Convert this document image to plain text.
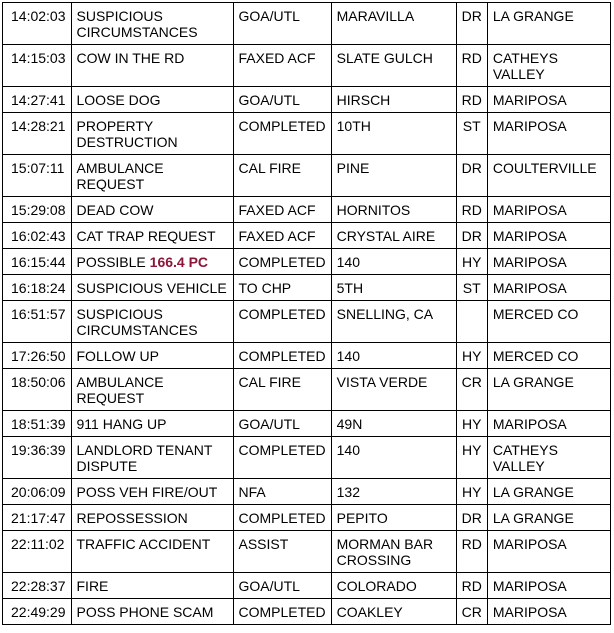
14:02:03	SUSPICIOUS CIRCUMSTANCES	GOA/UTL	MARAVILLA	DR	LA GRANGE
14:15:03	COW IN THE RD	FAXED ACF	SLATE GULCH	RD	CATHEYS VALLEY
14:27:41	LOOSE DOG	GOA/UTL	HIRSCH	RD	MARIPOSA
14:28:21	PROPERTY DESTRUCTION	COMPLETED	10TH	ST	MARIPOSA
15:07:11	AMBULANCE REQUEST	CAL FIRE	PINE	DR	COULTERVILLE
15:29:08	DEAD COW	FAXED ACF	HORNITOS	RD	MARIPOSA
16:02:43	CAT TRAP REQUEST	FAXED ACF	CRYSTAL AIRE	DR	MARIPOSA
16:15:44	POSSIBLE 166.4 PC	COMPLETED	140	HY	MARIPOSA
16:18:24	SUSPICIOUS VEHICLE	TO CHP	5TH	ST	MARIPOSA
16:51:57	SUSPICIOUS CIRCUMSTANCES	COMPLETED	SNELLING, CA		MERCED CO
17:26:50	FOLLOW UP	COMPLETED	140	HY	MERCED CO
18:50:06	AMBULANCE REQUEST	CAL FIRE	VISTA VERDE	CR	LA GRANGE
18:51:39	911 HANG UP	GOA/UTL	49N	HY	MARIPOSA
19:36:39	LANDLORD TENANT DISPUTE	COMPLETED	140	HY	CATHEYS VALLEY
20:06:09	POSS VEH FIRE/OUT	NFA	132	HY	LA GRANGE
21:17:47	REPOSSESSION	COMPLETED	PEPITO	DR	LA GRANGE
22:11:02	TRAFFIC ACCIDENT	ASSIST	MORMAN BAR CROSSING	RD	MARIPOSA
22:28:37	FIRE	GOA/UTL	COLORADO	RD	MARIPOSA
22:49:29	POSS PHONE SCAM	COMPLETED	COAKLEY	CR	MARIPOSA
